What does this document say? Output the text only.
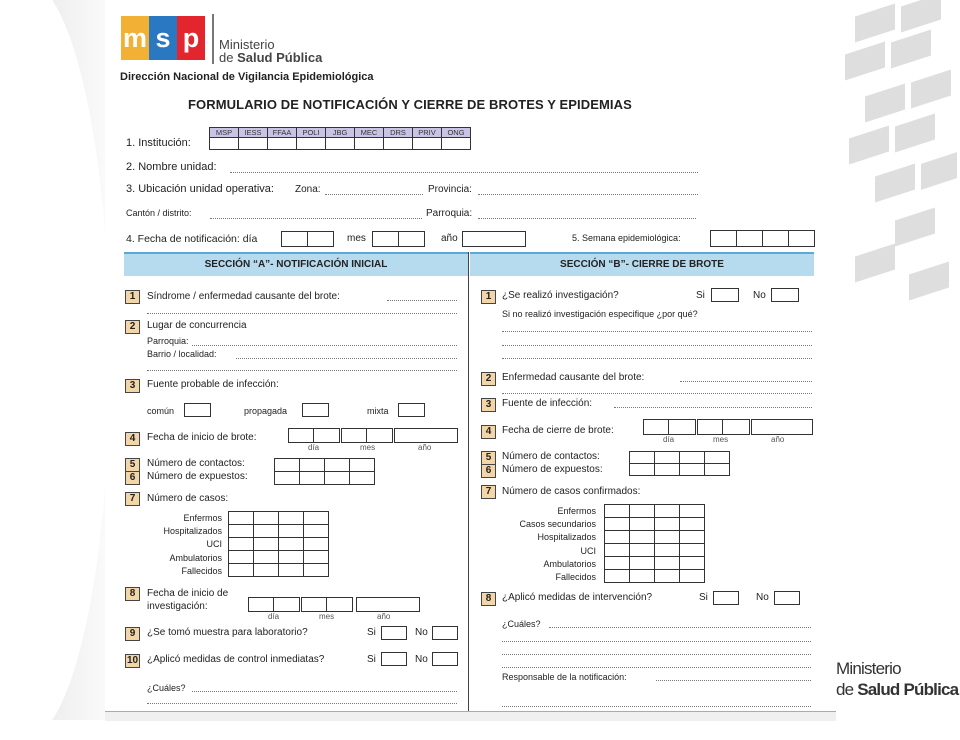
m s p	Ministerio
de Salud Pública
Dirección Nacional de Vigilancia Epidemiológica
FORMULARIO DE NOTIFICACIÓN Y CIERRE DE BROTES Y EPIDEMIAS
1. Institución:
MSP	IESS	FFAA	POLI	JBG	MEC	DRS	PRIV	ONG
2. Nombre unidad:
3. Ubicación unidad operativa: Zona:	Provincia:
Cantón / distrito:	Parroquia:
4. Fecha de notificación: día	mes	año	5. Semana epidemiológica:
SECCIÓN “A”- NOTIFICACIÓN INICIAL	SECCIÓN “B”- CIERRE DE BROTE
1	Síndrome / enfermedad causante del brote:
2	Lugar de concurrencia
Parroquia:
Barrio / localidad:
3	Fuente probable de infección:
común	propagada	mixta
4	Fecha de inicio de brote:
día	mes	año
5	Número de contactos:
6	Número de expuestos:
7	Número de casos:
Enfermos
Hospitalizados
UCI
Ambulatorios
Fallecidos
8	Fecha de inicio de
investigación:
día	mes	año
9	¿Se tomó muestra para laboratorio?	Si	No
10 ¿Aplicó medidas de control inmediatas?	Si	No
¿Cuáles?
1	¿Se realizó investigación?	Si	No
Si no realizó investigación especifique ¿por qué?
2	Enfermedad causante del brote:
3	Fuente de infección:
4	Fecha de cierre de brote:
día	mes	año
5	Número de contactos:
6	Número de expuestos:
7	Número de casos confirmados:
Enfermos
Casos secundarios
Hospitalizados
UCI
Ambulatorios
Fallecidos
8	¿Aplicó medidas de intervención?	Si	No
¿Cuáles?
Responsable de la notificación:	Ministerio
de Salud Pública
